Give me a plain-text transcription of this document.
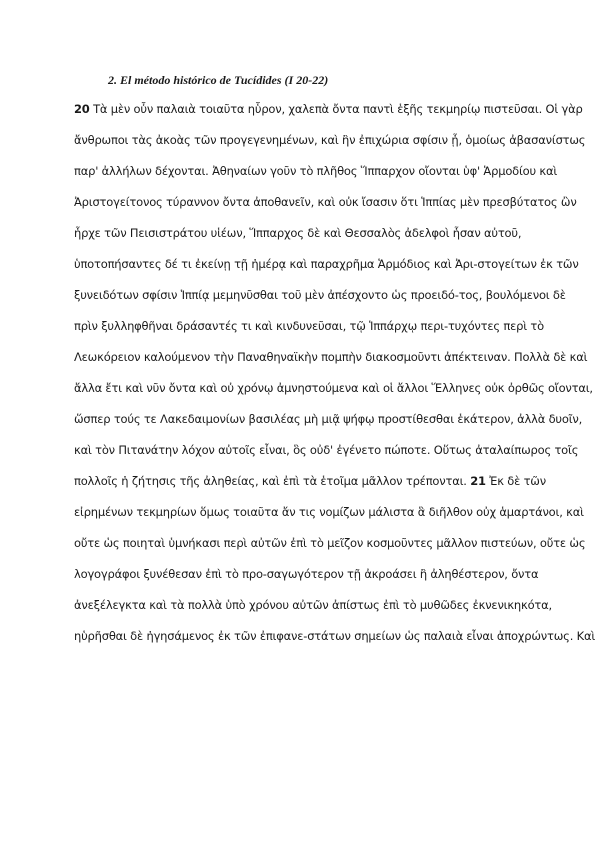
2. El método histórico de Tucídides (I 20-22)
20 Τὰ μὲν οὖν παλαιὰ τοιαῦτα ηὗρον, χαλεπὰ ὄντα παντὶ ἑξῆς τεκμηρίῳ πιστεῦσαι. Οἱ γὰρ
ἄνθρωποι τὰς ἀκοὰς τῶν προγεγενημένων, καὶ ἢν ἐπιχώρια σφίσιν ᾖ, ὁμοίως ἀβασανίστως
παρ' ἀλλήλων δέχονται. Ἀθηναίων γοῦν τὸ πλῆθος Ἵππαρχον οἴονται ὑφ' Ἁρμοδίου καὶ
Ἀριστογείτονος τύραννον ὄντα ἀποθανεῖν, καὶ οὐκ ἴσασιν ὅτι Ἱππίας μὲν πρεσβύτατος ὢν
ἦρχε τῶν Πεισιστράτου υἱέων, Ἵππαρχος δὲ καὶ Θεσσαλὸς ἀδελφοὶ ἦσαν αὐτοῦ,
ὑποτοπήσαντες δέ τι ἐκείνῃ τῇ ἡμέρᾳ καὶ παραχρῆμα Ἁρμόδιος καὶ Ἀρι-στογείτων ἐκ τῶν
ξυνειδότων σφίσιν Ἱππίᾳ μεμηνῦσθαι τοῦ μὲν ἀπέσχοντο ὡς προειδό-τος, βουλόμενοι δὲ
πρὶν ξυλληφθῆναι δράσαντές τι καὶ κινδυνεῦσαι, τῷ Ἱππάρχῳ περι-τυχόντες περὶ τὸ
Λεωκόρειον καλούμενον τὴν Παναθηναϊκὴν πομπὴν διακοσμοῦντι ἀπέκτειναν. Πολλὰ δὲ καὶ
ἄλλα ἔτι καὶ νῦν ὄντα καὶ οὐ χρόνῳ ἀμνηστούμενα καὶ οἱ ἄλλοι Ἕλληνες οὐκ ὀρθῶς οἴονται,
ὥσπερ τούς τε Λακεδαιμονίων βασιλέας μὴ μιᾷ ψήφῳ προστίθεσθαι ἑκάτερον, ἀλλὰ δυοῖν,
καὶ τὸν Πιτανάτην λόχον αὐτοῖς εἶναι, ὃς οὐδ' ἐγένετο πώποτε. Οὕτως ἀταλαίπωρος τοῖς
πολλοῖς ἡ ζήτησις τῆς ἀληθείας, καὶ ἐπὶ τὰ ἑτοῖμα μᾶλλον τρέπονται. 21 Ἐκ δὲ τῶν
εἰρημένων τεκμηρίων ὅμως τοιαῦτα ἄν τις νομίζων μάλιστα ἃ διῆλθον οὐχ ἁμαρτάνοι, καὶ
οὔτε ὡς ποιηταὶ ὑμνήκασι περὶ αὐτῶν ἐπὶ τὸ μεῖζον κοσμοῦντες μᾶλλον πιστεύων, οὔτε ὡς
λογογράφοι ξυνέθεσαν ἐπὶ τὸ προ-σαγωγότερον τῇ ἀκροάσει ἢ ἀληθέστερον, ὄντα
ἀνεξέλεγκτα καὶ τὰ πολλὰ ὑπὸ χρόνου αὐτῶν ἀπίστως ἐπὶ τὸ μυθῶδες ἐκνενικηκότα,
ηὑρῆσθαι δὲ ἡγησάμενος ἐκ τῶν ἐπιφανε-στάτων σημείων ὡς παλαιὰ εἶναι ἀποχρώντως. Καὶ
